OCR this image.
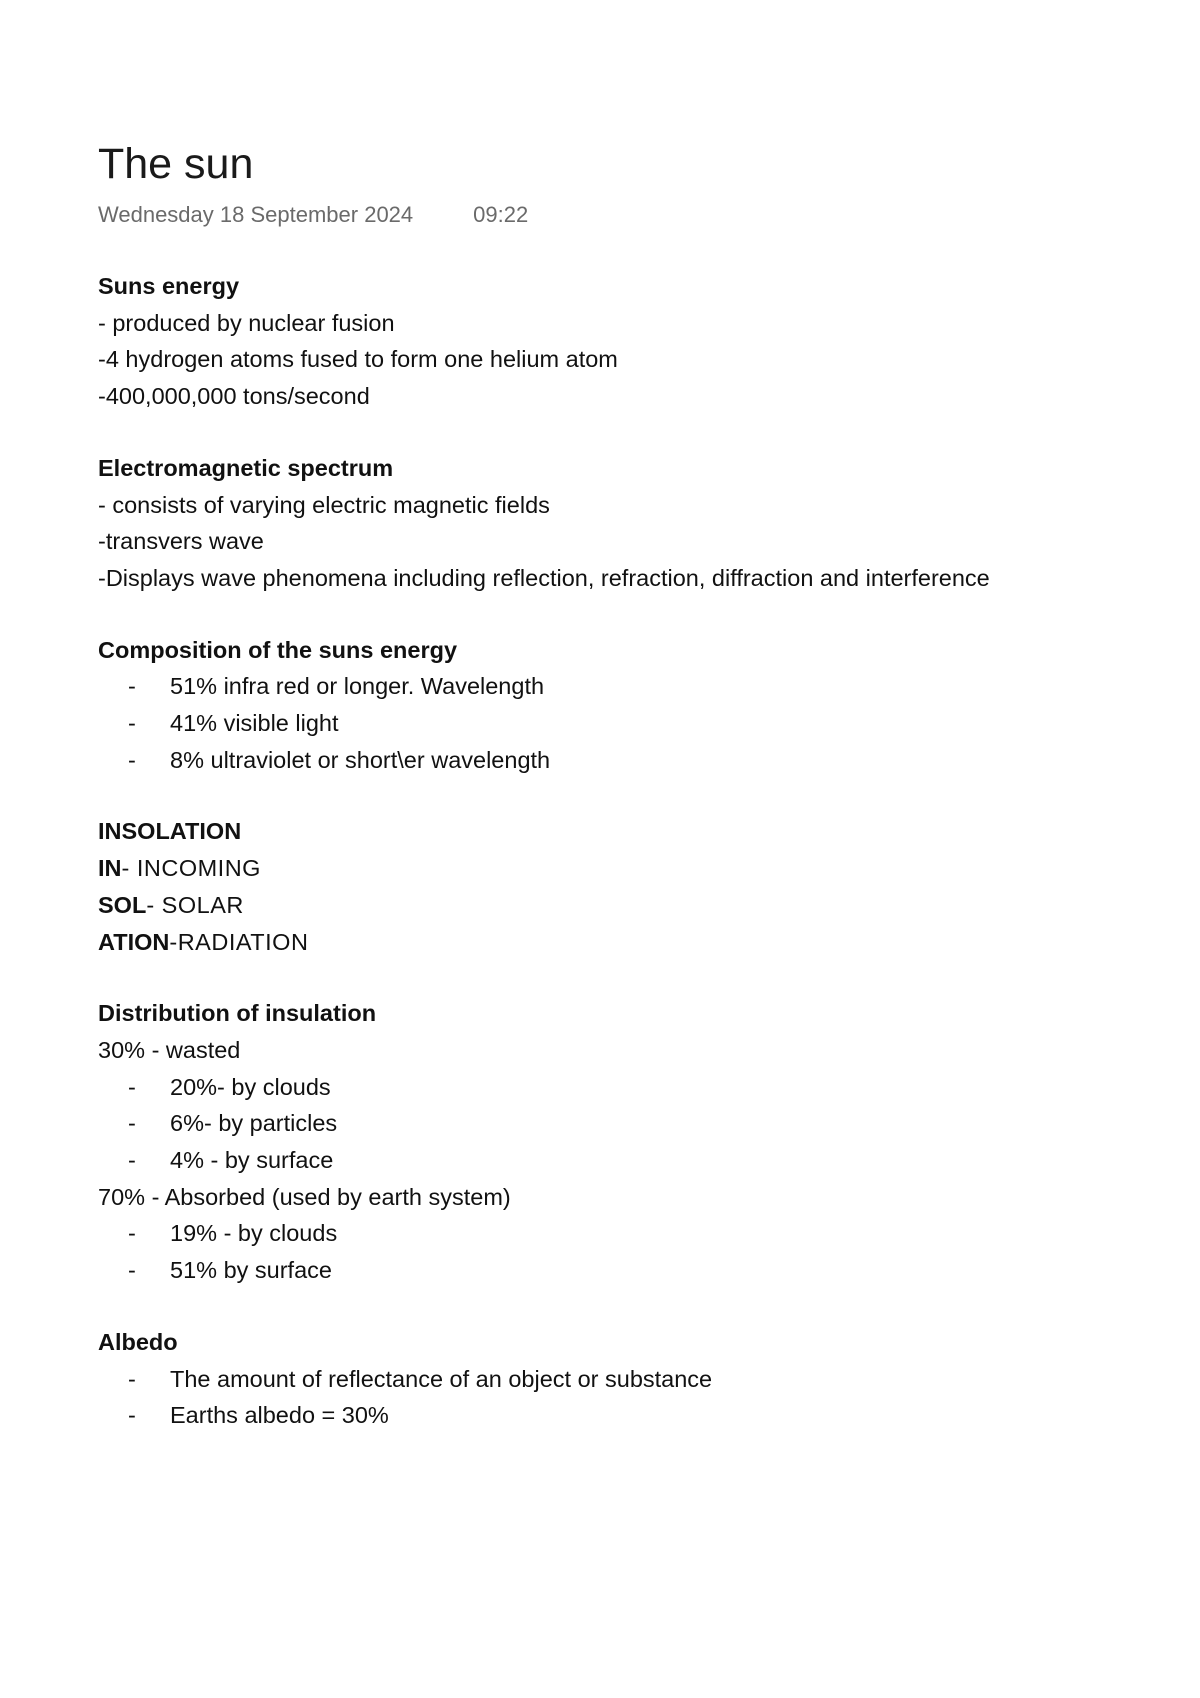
The sun
Wednesday 18 September 2024	09:22
Suns energy
- produced by nuclear fusion
-4 hydrogen atoms fused to form one helium atom
-400,000,000 tons/second
Electromagnetic spectrum
- consists of varying electric magnetic fields
-transvers wave
-Displays wave phenomena including reflection, refraction, diffraction and interference
Composition of the suns energy
-	51% infra red or longer. Wavelength
-	41% visible light
-	8% ultraviolet or short\er wavelength
INSOLATION
IN- INCOMING
SOL- SOLAR
ATION-RADIATION
Distribution of insulation
30% - wasted
-	20%- by clouds
-	6%- by particles
-	4% - by surface
70% - Absorbed (used by earth system)
-	19% - by clouds
-	51% by surface
Albedo
-	The amount of reflectance of an object or substance
-	Earths albedo = 30%
